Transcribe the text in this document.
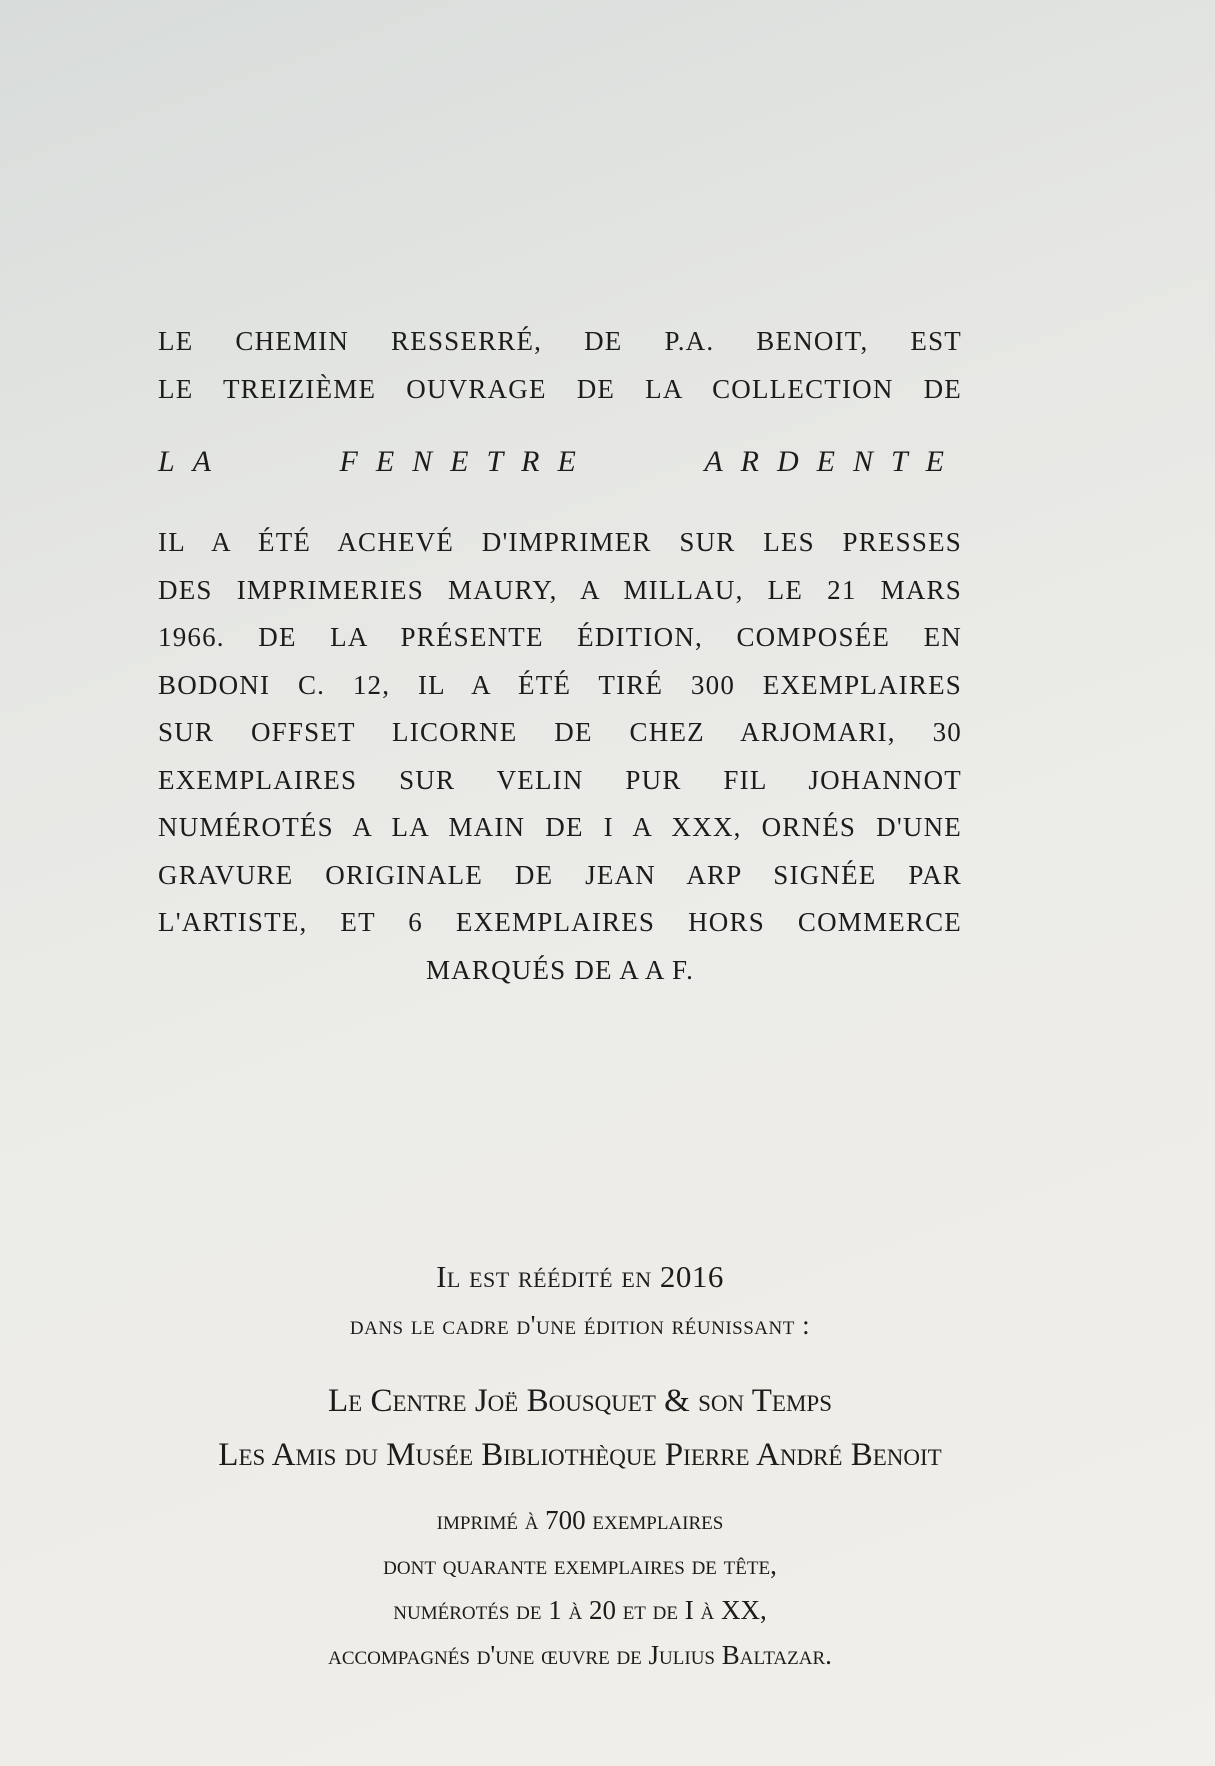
LE CHEMIN RESSERRÉ, DE P.A. BENOIT, EST
LE TREIZIÈME OUVRAGE DE LA COLLECTION DE
LA FENETRE ARDENTE
IL A ÉTÉ ACHEVÉ D'IMPRIMER SUR LES PRESSES
DES IMPRIMERIES MAURY, A MILLAU, LE 21 MARS
1966. DE LA PRÉSENTE ÉDITION, COMPOSÉE EN
BODONI C. 12, IL A ÉTÉ TIRÉ 300 EXEMPLAIRES
SUR OFFSET LICORNE DE CHEZ ARJOMARI, 30
EXEMPLAIRES SUR VELIN PUR FIL JOHANNOT
NUMÉROTÉS A LA MAIN DE I A XXX, ORNÉS D'UNE
GRAVURE ORIGINALE DE JEAN ARP SIGNÉE PAR
L'ARTISTE, ET 6 EXEMPLAIRES HORS COMMERCE
MARQUÉS DE A A F.
Il est réédité en 2016
dans le cadre d'une édition réunissant :
Le Centre Joë Bousquet & son Temps
Les Amis du Musée Bibliothèque Pierre André Benoit
imprimé à 700 exemplaires
dont quarante exemplaires de tête,
numérotés de 1 à 20 et de I à XX,
accompagnés d'une œuvre de Julius Baltazar.
